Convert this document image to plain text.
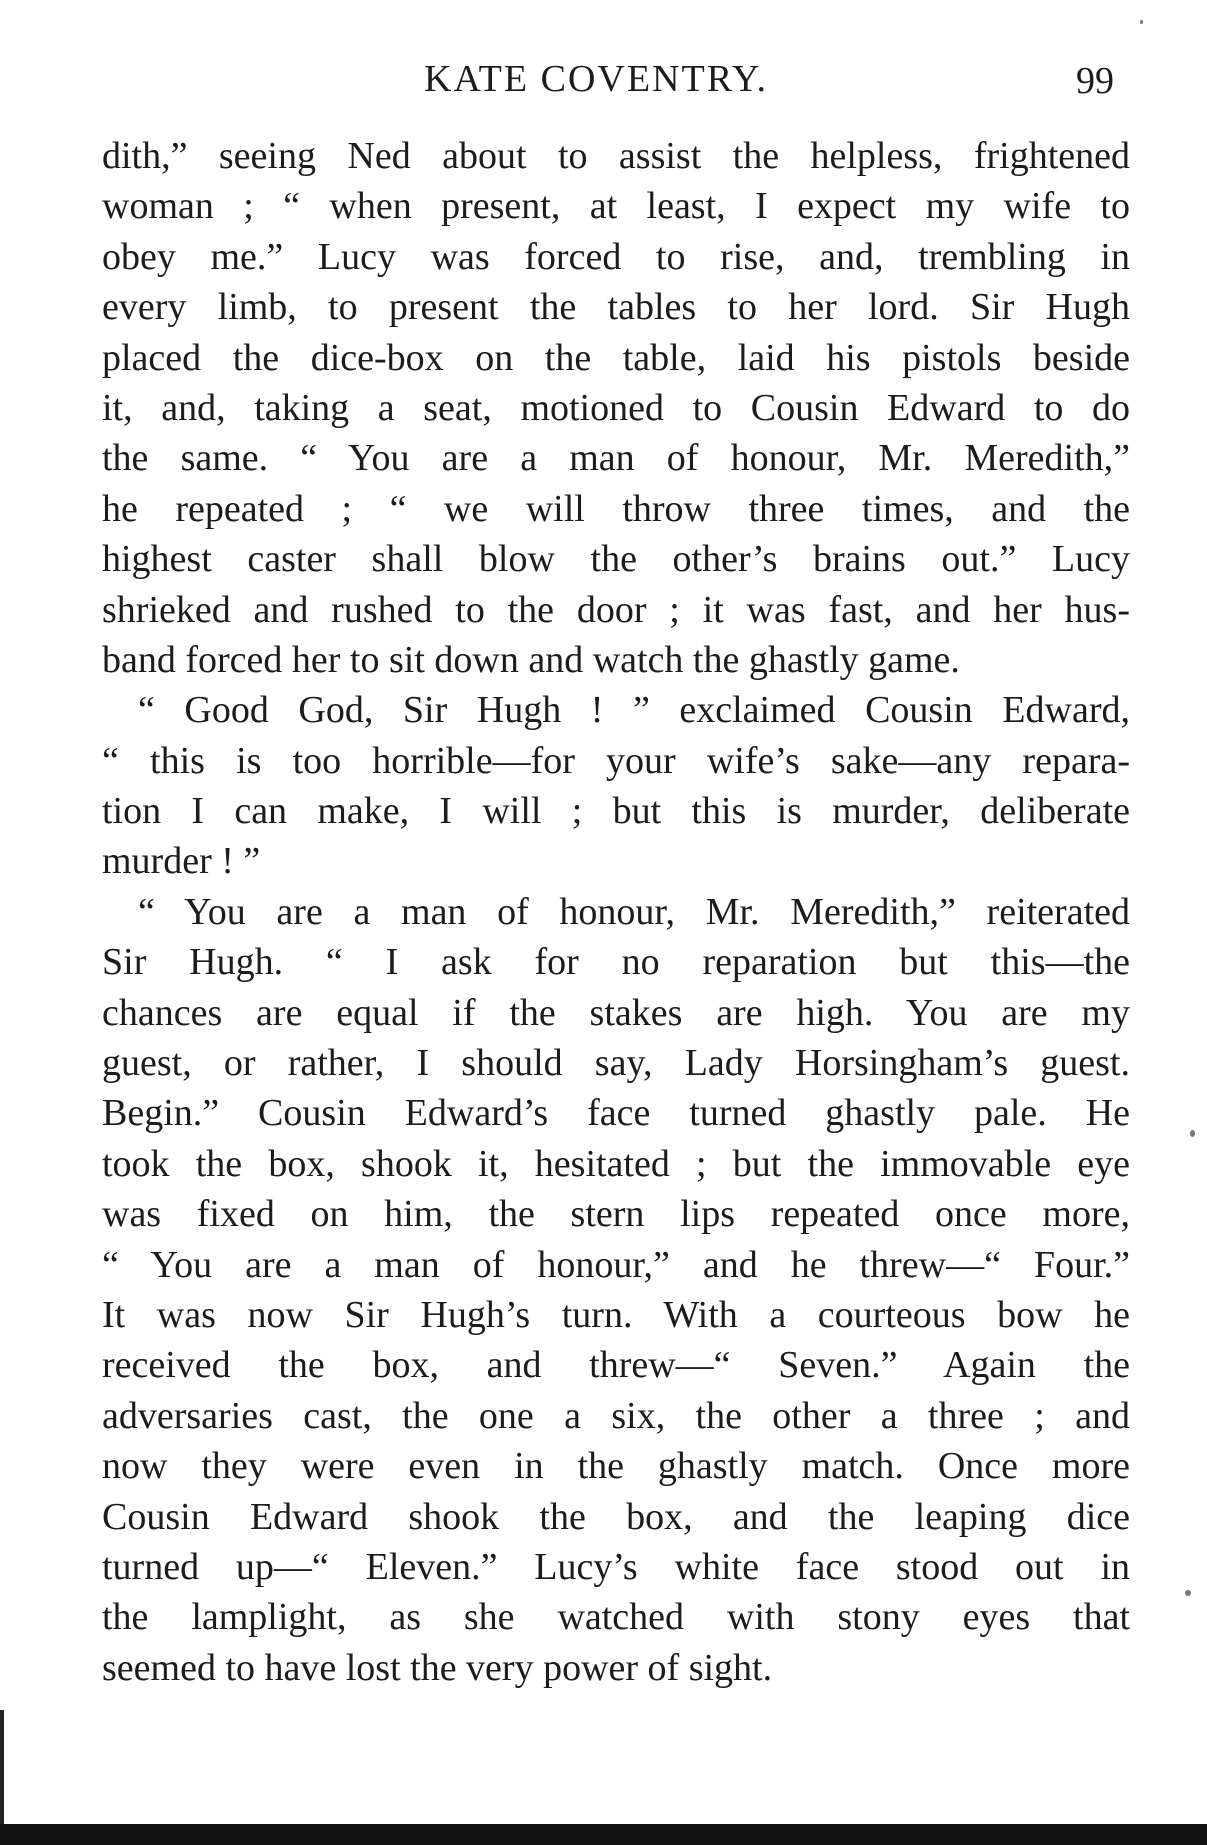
KATE COVENTRY.	99
dith,” seeing Ned about to assist the helpless, frightened
woman ; “ when present, at least, I expect my wife to
obey me.” Lucy was forced to rise, and, trembling in
every limb, to present the tables to her lord. Sir Hugh
placed the dice-box on the table, laid his pistols beside
it, and, taking a seat, motioned to Cousin Edward to do
the same. “ You are a man of honour, Mr. Meredith,”
he repeated ; “ we will throw three times, and the
highest caster shall blow the other’s brains out.” Lucy
shrieked and rushed to the door ; it was fast, and her hus-
band forced her to sit down and watch the ghastly game.
“ Good God, Sir Hugh ! ” exclaimed Cousin Edward,
“ this is too horrible—for your wife’s sake—any repara-
tion I can make, I will ; but this is murder, deliberate
murder ! ”
“ You are a man of honour, Mr. Meredith,” reiterated
Sir Hugh. “ I ask for no reparation but this—the
chances are equal if the stakes are high. You are my
guest, or rather, I should say, Lady Horsingham’s guest.
Begin.” Cousin Edward’s face turned ghastly pale. He
took the box, shook it, hesitated ; but the immovable eye
was fixed on him, the stern lips repeated once more,
“ You are a man of honour,” and he threw—“ Four.”
It was now Sir Hugh’s turn. With a courteous bow he
received the box, and threw—“ Seven.” Again the
adversaries cast, the one a six, the other a three ; and
now they were even in the ghastly match. Once more
Cousin Edward shook the box, and the leaping dice
turned up—“ Eleven.” Lucy’s white face stood out in
the lamplight, as she watched with stony eyes that
seemed to have lost the very power of sight.
